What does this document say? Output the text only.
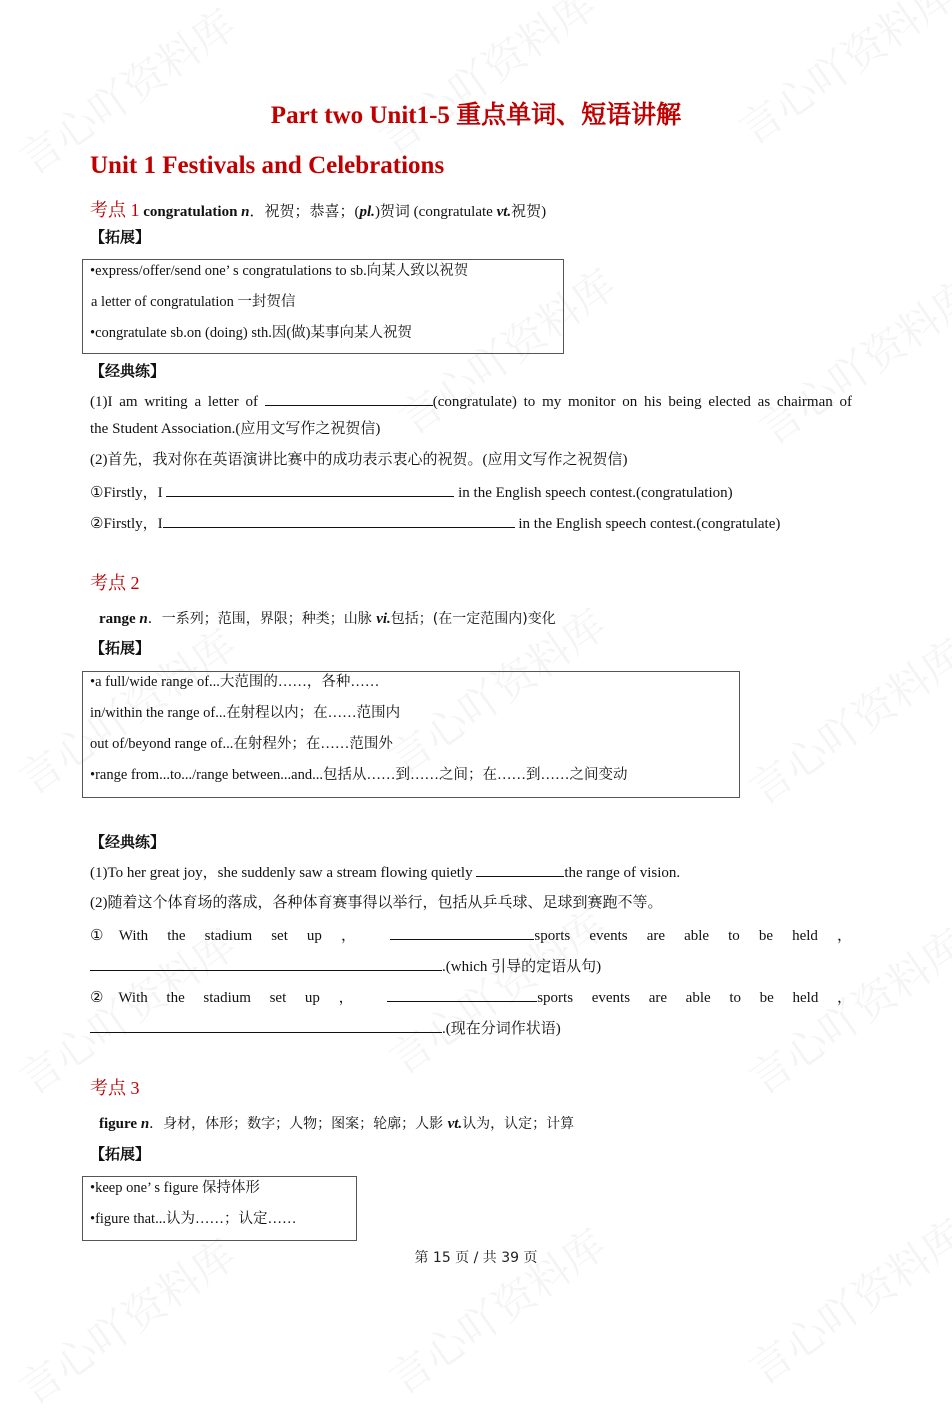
Part two Unit1-5 重点单词、短语讲解
Unit 1 Festivals and Celebrations
考点 1 congratulation n．祝贺；恭喜；(pl.)贺词 (congratulate vt.祝贺)
【拓展】
•express/offer/send one’ s congratulations to sb.向某人致以祝贺
a letter of congratulation 一封贺信
•congratulate sb.on (doing) sth.因(做)某事向某人祝贺
【经典练】
(1)I am writing a letter of	(congratulate) to my monitor on his being elected as chairman of
the Student Association.(应用文写作之祝贺信)
(2)首先，我对你在英语演讲比赛中的成功表示衷心的祝贺。(应用文写作之祝贺信)
①Firstly，I	in the English speech contest.(congratulation)
②Firstly，I	in the English speech contest.(congratulate)
考点 2
range n．一系列；范围，界限；种类；山脉 vi.包括；(在一定范围内)变化
【拓展】
•a full/wide range of...大范围的……，各种……
in/within the range of...在射程以内；在……范围内
out of/beyond range of...在射程外；在……范围外
•range from...to.../range between...and...包括从……到……之间；在……到……之间变动
【经典练】
(1)To her great joy，she suddenly saw a stream flowing quietly	the range of vision.
(2)随着这个体育场的落成，各种体育赛事得以举行，包括从乒乓球、足球到赛跑不等。
①With the stadium set up ，	sports events are able to be held ，
.(which 引导的定语从句)
②With the stadium set up ，	sports events are able to be held ，
.(现在分词作状语)
考点 3
figure n．身材，体形；数字；人物；图案；轮廓；人影 vt.认为，认定；计算
【拓展】
•keep one’ s figure 保持体形
•figure that...认为……；认定……
第 15 页 / 共 39 页
